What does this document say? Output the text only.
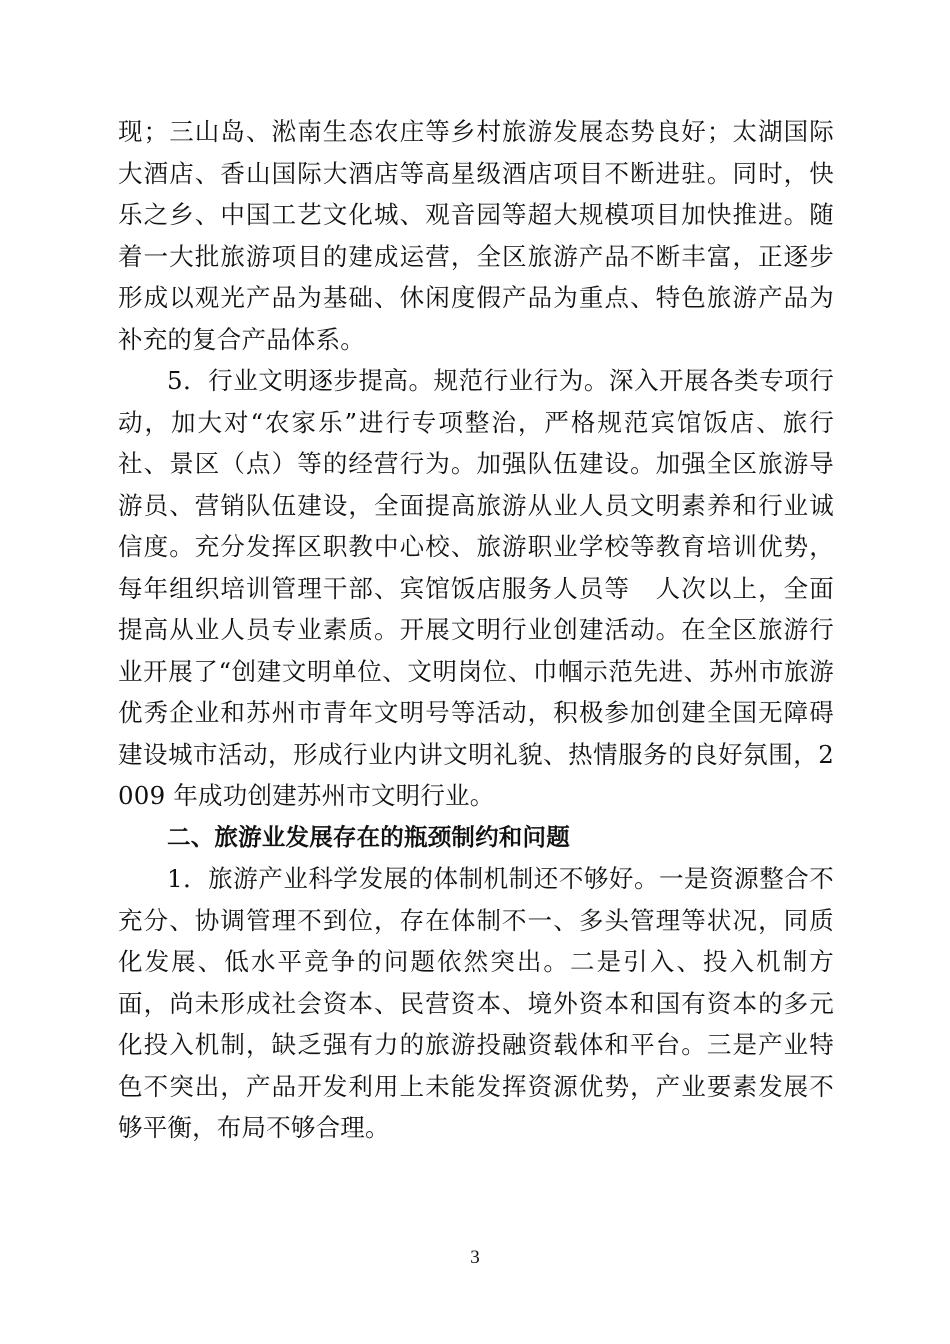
现；三山岛、淞南生态农庄等乡村旅游发展态势良好；太湖国际大酒店、香山国际大酒店等高星级酒店项目不断进驻。同时，快乐之乡、中国工艺文化城、观音园等超大规模项目加快推进。随着一大批旅游项目的建成运营，全区旅游产品不断丰富，正逐步形成以观光产品为基础、休闲度假产品为重点、特色旅游产品为补充的复合产品体系。

5．行业文明逐步提高。规范行业行为。深入开展各类专项行动，加大对“农家乐”进行专项整治，严格规范宾馆饭店、旅行社、景区（点）等的经营行为。加强队伍建设。加强全区旅游导游员、营销队伍建设，全面提高旅游从业人员文明素养和行业诚信度。充分发挥区职教中心校、旅游职业学校等教育培训优势，每年组织培训管理干部、宾馆饭店服务人员等　人次以上，全面提高从业人员专业素质。开展文明行业创建活动。在全区旅游行业开展了“创建文明单位、文明岗位、巾帼示范先进、苏州市旅游优秀企业和苏州市青年文明号等活动，积极参加创建全国无障碍建设城市活动，形成行业内讲文明礼貌、热情服务的良好氛围，2009 年成功创建苏州市文明行业。

二、旅游业发展存在的瓶颈制约和问题

1．旅游产业科学发展的体制机制还不够好。一是资源整合不充分、协调管理不到位，存在体制不一、多头管理等状况，同质化发展、低水平竞争的问题依然突出。二是引入、投入机制方面，尚未形成社会资本、民营资本、境外资本和国有资本的多元化投入机制，缺乏强有力的旅游投融资载体和平台。三是产业特色不突出，产品开发利用上未能发挥资源优势，产业要素发展不够平衡，布局不够合理。

3
